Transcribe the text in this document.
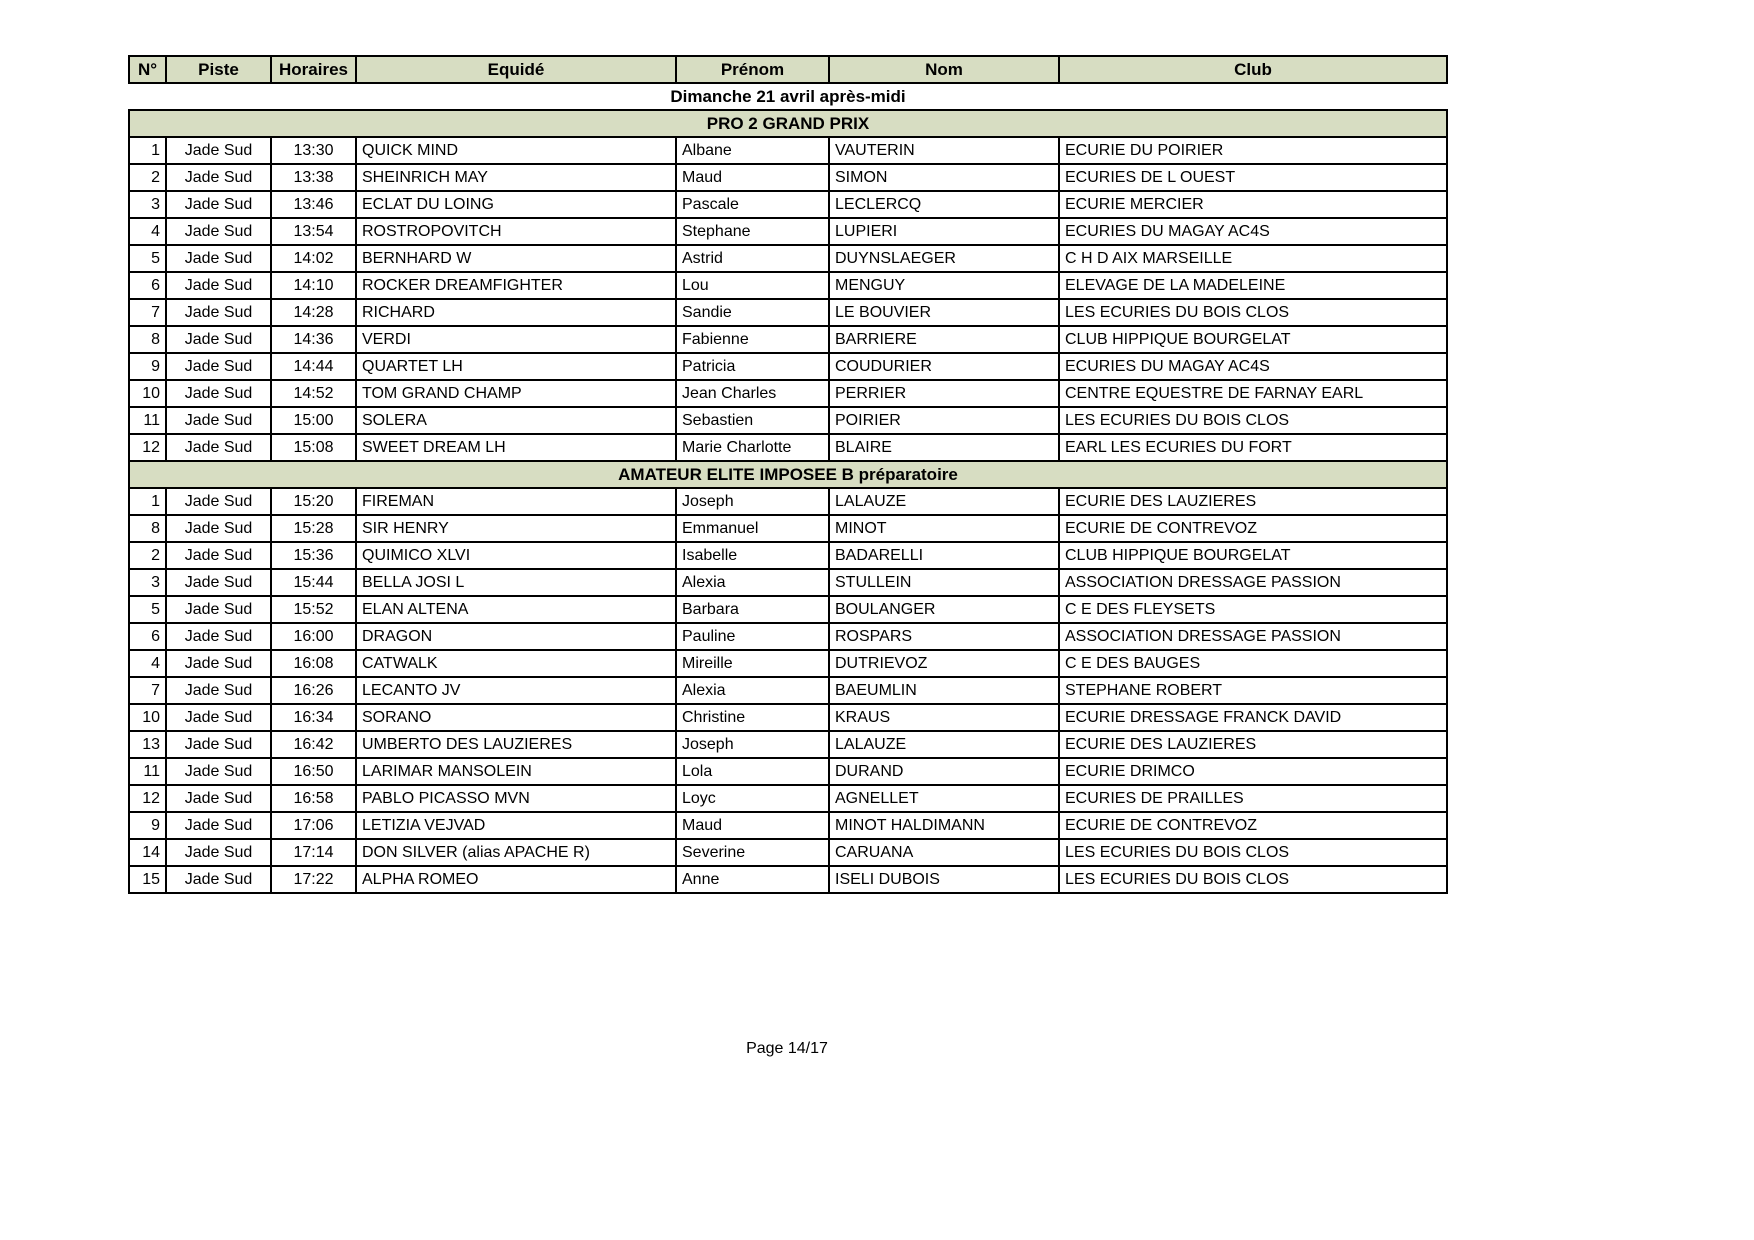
N°	Piste	Horaires	Equidé	Prénom	Nom	Club
Dimanche 21 avril après-midi						
PRO 2 GRAND PRIX						
1	Jade Sud	13:30	QUICK MIND	Albane	VAUTERIN	ECURIE DU POIRIER
2	Jade Sud	13:38	SHEINRICH MAY	Maud	SIMON	ECURIES DE L OUEST
3	Jade Sud	13:46	ECLAT DU LOING	Pascale	LECLERCQ	ECURIE MERCIER
4	Jade Sud	13:54	ROSTROPOVITCH	Stephane	LUPIERI	ECURIES DU MAGAY AC4S
5	Jade Sud	14:02	BERNHARD W	Astrid	DUYNSLAEGER	C H D AIX MARSEILLE
6	Jade Sud	14:10	ROCKER DREAMFIGHTER	Lou	MENGUY	ELEVAGE DE LA MADELEINE
7	Jade Sud	14:28	RICHARD	Sandie	LE BOUVIER	LES ECURIES DU BOIS CLOS
8	Jade Sud	14:36	VERDI	Fabienne	BARRIERE	CLUB HIPPIQUE BOURGELAT
9	Jade Sud	14:44	QUARTET LH	Patricia	COUDURIER	ECURIES DU MAGAY AC4S
10	Jade Sud	14:52	TOM GRAND CHAMP	Jean Charles	PERRIER	CENTRE EQUESTRE DE FARNAY EARL
11	Jade Sud	15:00	SOLERA	Sebastien	POIRIER	LES ECURIES DU BOIS CLOS
12	Jade Sud	15:08	SWEET DREAM LH	Marie Charlotte	BLAIRE	EARL LES ECURIES DU FORT
AMATEUR ELITE IMPOSEE B préparatoire						
1	Jade Sud	15:20	FIREMAN	Joseph	LALAUZE	ECURIE DES LAUZIERES
8	Jade Sud	15:28	SIR HENRY	Emmanuel	MINOT	ECURIE DE CONTREVOZ
2	Jade Sud	15:36	QUIMICO XLVI	Isabelle	BADARELLI	CLUB HIPPIQUE BOURGELAT
3	Jade Sud	15:44	BELLA JOSI L	Alexia	STULLEIN	ASSOCIATION DRESSAGE PASSION
5	Jade Sud	15:52	ELAN ALTENA	Barbara	BOULANGER	C E DES FLEYSETS
6	Jade Sud	16:00	DRAGON	Pauline	ROSPARS	ASSOCIATION DRESSAGE PASSION
4	Jade Sud	16:08	CATWALK	Mireille	DUTRIEVOZ	C E DES BAUGES
7	Jade Sud	16:26	LECANTO JV	Alexia	BAEUMLIN	STEPHANE ROBERT
10	Jade Sud	16:34	SORANO	Christine	KRAUS	ECURIE DRESSAGE FRANCK DAVID
13	Jade Sud	16:42	UMBERTO DES LAUZIERES	Joseph	LALAUZE	ECURIE DES LAUZIERES
11	Jade Sud	16:50	LARIMAR MANSOLEIN	Lola	DURAND	ECURIE DRIMCO
12	Jade Sud	16:58	PABLO PICASSO MVN	Loyc	AGNELLET	ECURIES DE PRAILLES
9	Jade Sud	17:06	LETIZIA VEJVAD	Maud	MINOT HALDIMANN	ECURIE DE CONTREVOZ
14	Jade Sud	17:14	DON SILVER (alias APACHE R)	Severine	CARUANA	LES ECURIES DU BOIS CLOS
15	Jade Sud	17:22	ALPHA ROMEO	Anne	ISELI DUBOIS	LES ECURIES DU BOIS CLOS
Page 14/17
